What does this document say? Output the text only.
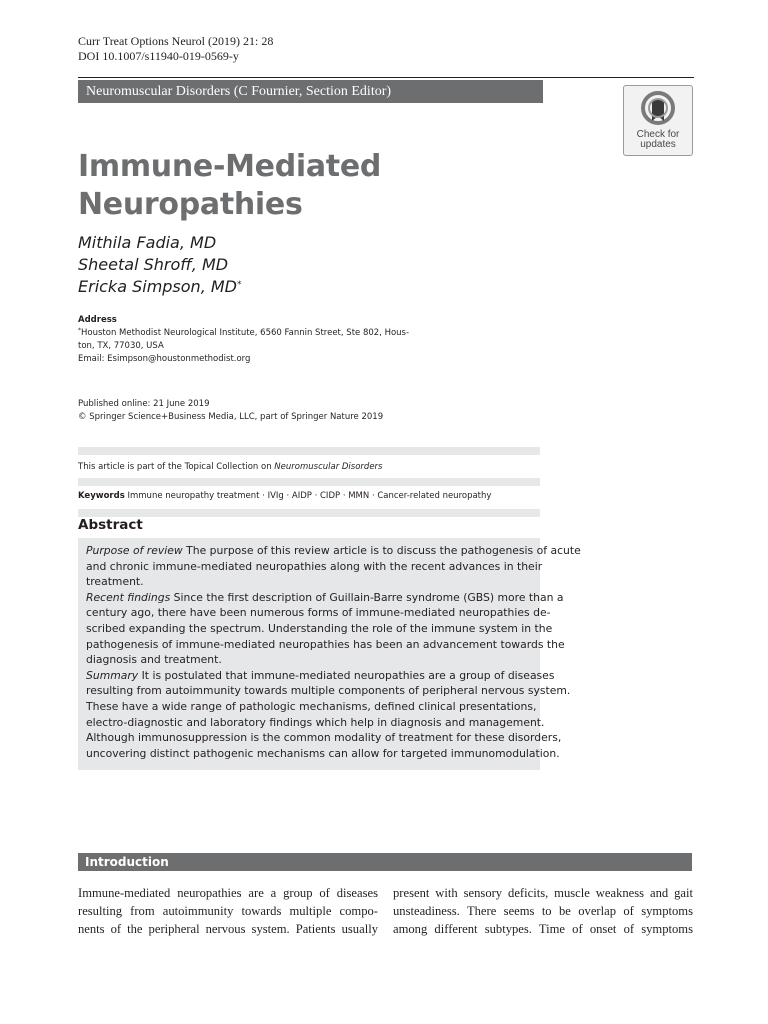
Curr Treat Options Neurol (2019) 21: 28
DOI 10.1007/s11940-019-0569-y
Neuromuscular Disorders (C Fournier, Section Editor)
Check for
updates
Immune-Mediated
Neuropathies
Mithila Fadia, MD
Sheetal Shroff, MD
Ericka Simpson, MD*
Address
*Houston Methodist Neurological Institute, 6560 Fannin Street, Ste 802, Hous-
ton, TX, 77030, USA
Email: Esimpson@houstonmethodist.org
Published online: 21 June 2019
© Springer Science+Business Media, LLC, part of Springer Nature 2019
This article is part of the Topical Collection on Neuromuscular Disorders
Keywords Immune neuropathy treatment · IVIg · AIDP · CIDP · MMN · Cancer-related neuropathy
Abstract
Purpose of review The purpose of this review article is to discuss the pathogenesis of acute
and chronic immune-mediated neuropathies along with the recent advances in their
treatment.
Recent findings Since the first description of Guillain-Barre syndrome (GBS) more than a
century ago, there have been numerous forms of immune-mediated neuropathies de-
scribed expanding the spectrum. Understanding the role of the immune system in the
pathogenesis of immune-mediated neuropathies has been an advancement towards the
diagnosis and treatment.
Summary It is postulated that immune-mediated neuropathies are a group of diseases
resulting from autoimmunity towards multiple components of peripheral nervous system.
These have a wide range of pathologic mechanisms, defined clinical presentations,
electro-diagnostic and laboratory findings which help in diagnosis and management.
Although immunosuppression is the common modality of treatment for these disorders,
uncovering distinct pathogenic mechanisms can allow for targeted immunomodulation.
Introduction
Immune-mediated neuropathies are a group of diseases
resulting from autoimmunity towards multiple compo-
nents of the peripheral nervous system. Patients usually
present with sensory deficits, muscle weakness and gait
unsteadiness. There seems to be overlap of symptoms
among different subtypes. Time of onset of symptoms
